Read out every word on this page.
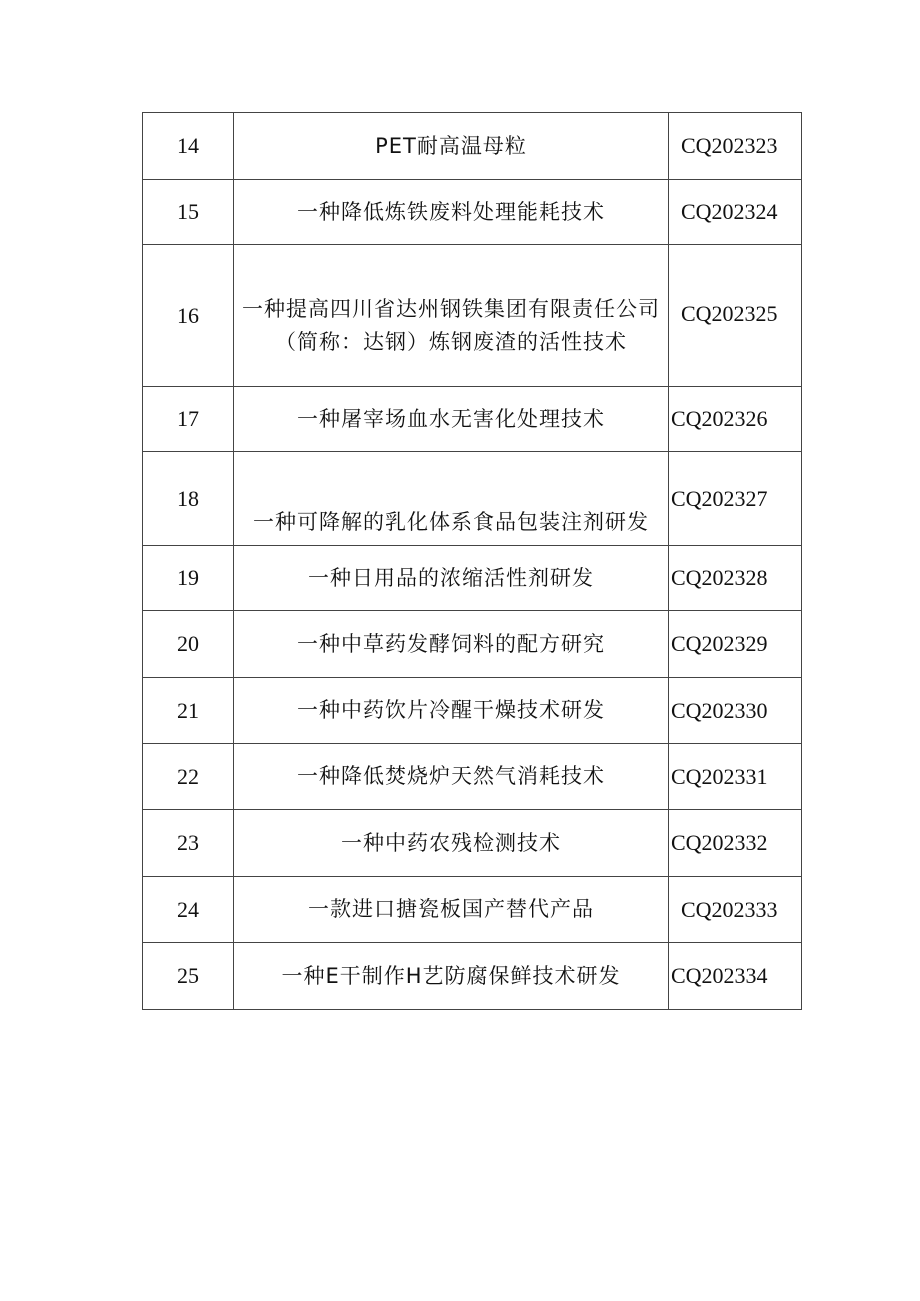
14	PET耐高温母粒	CQ202323
15	一种降低炼铁废料处理能耗技术	CQ202324
16	一种提高四川省达州钢铁集团有限责任公司（简称：达钢）炼钢废渣的活性技术	CQ202325
17	一种屠宰场血水无害化处理技术	CQ202326
18	一种可降解的乳化体系食品包装注剂研发	CQ202327
19	一种日用品的浓缩活性剂研发	CQ202328
20	一种中草药发酵饲料的配方研究	CQ202329
21	一种中药饮片冷醒干燥技术研发	CQ202330
22	一种降低焚烧炉天然气消耗技术	CQ202331
23	一种中药农残检测技术	CQ202332
24	一款进口搪瓷板国产替代产品	CQ202333
25	一种E干制作H艺防腐保鲜技术研发	CQ202334
